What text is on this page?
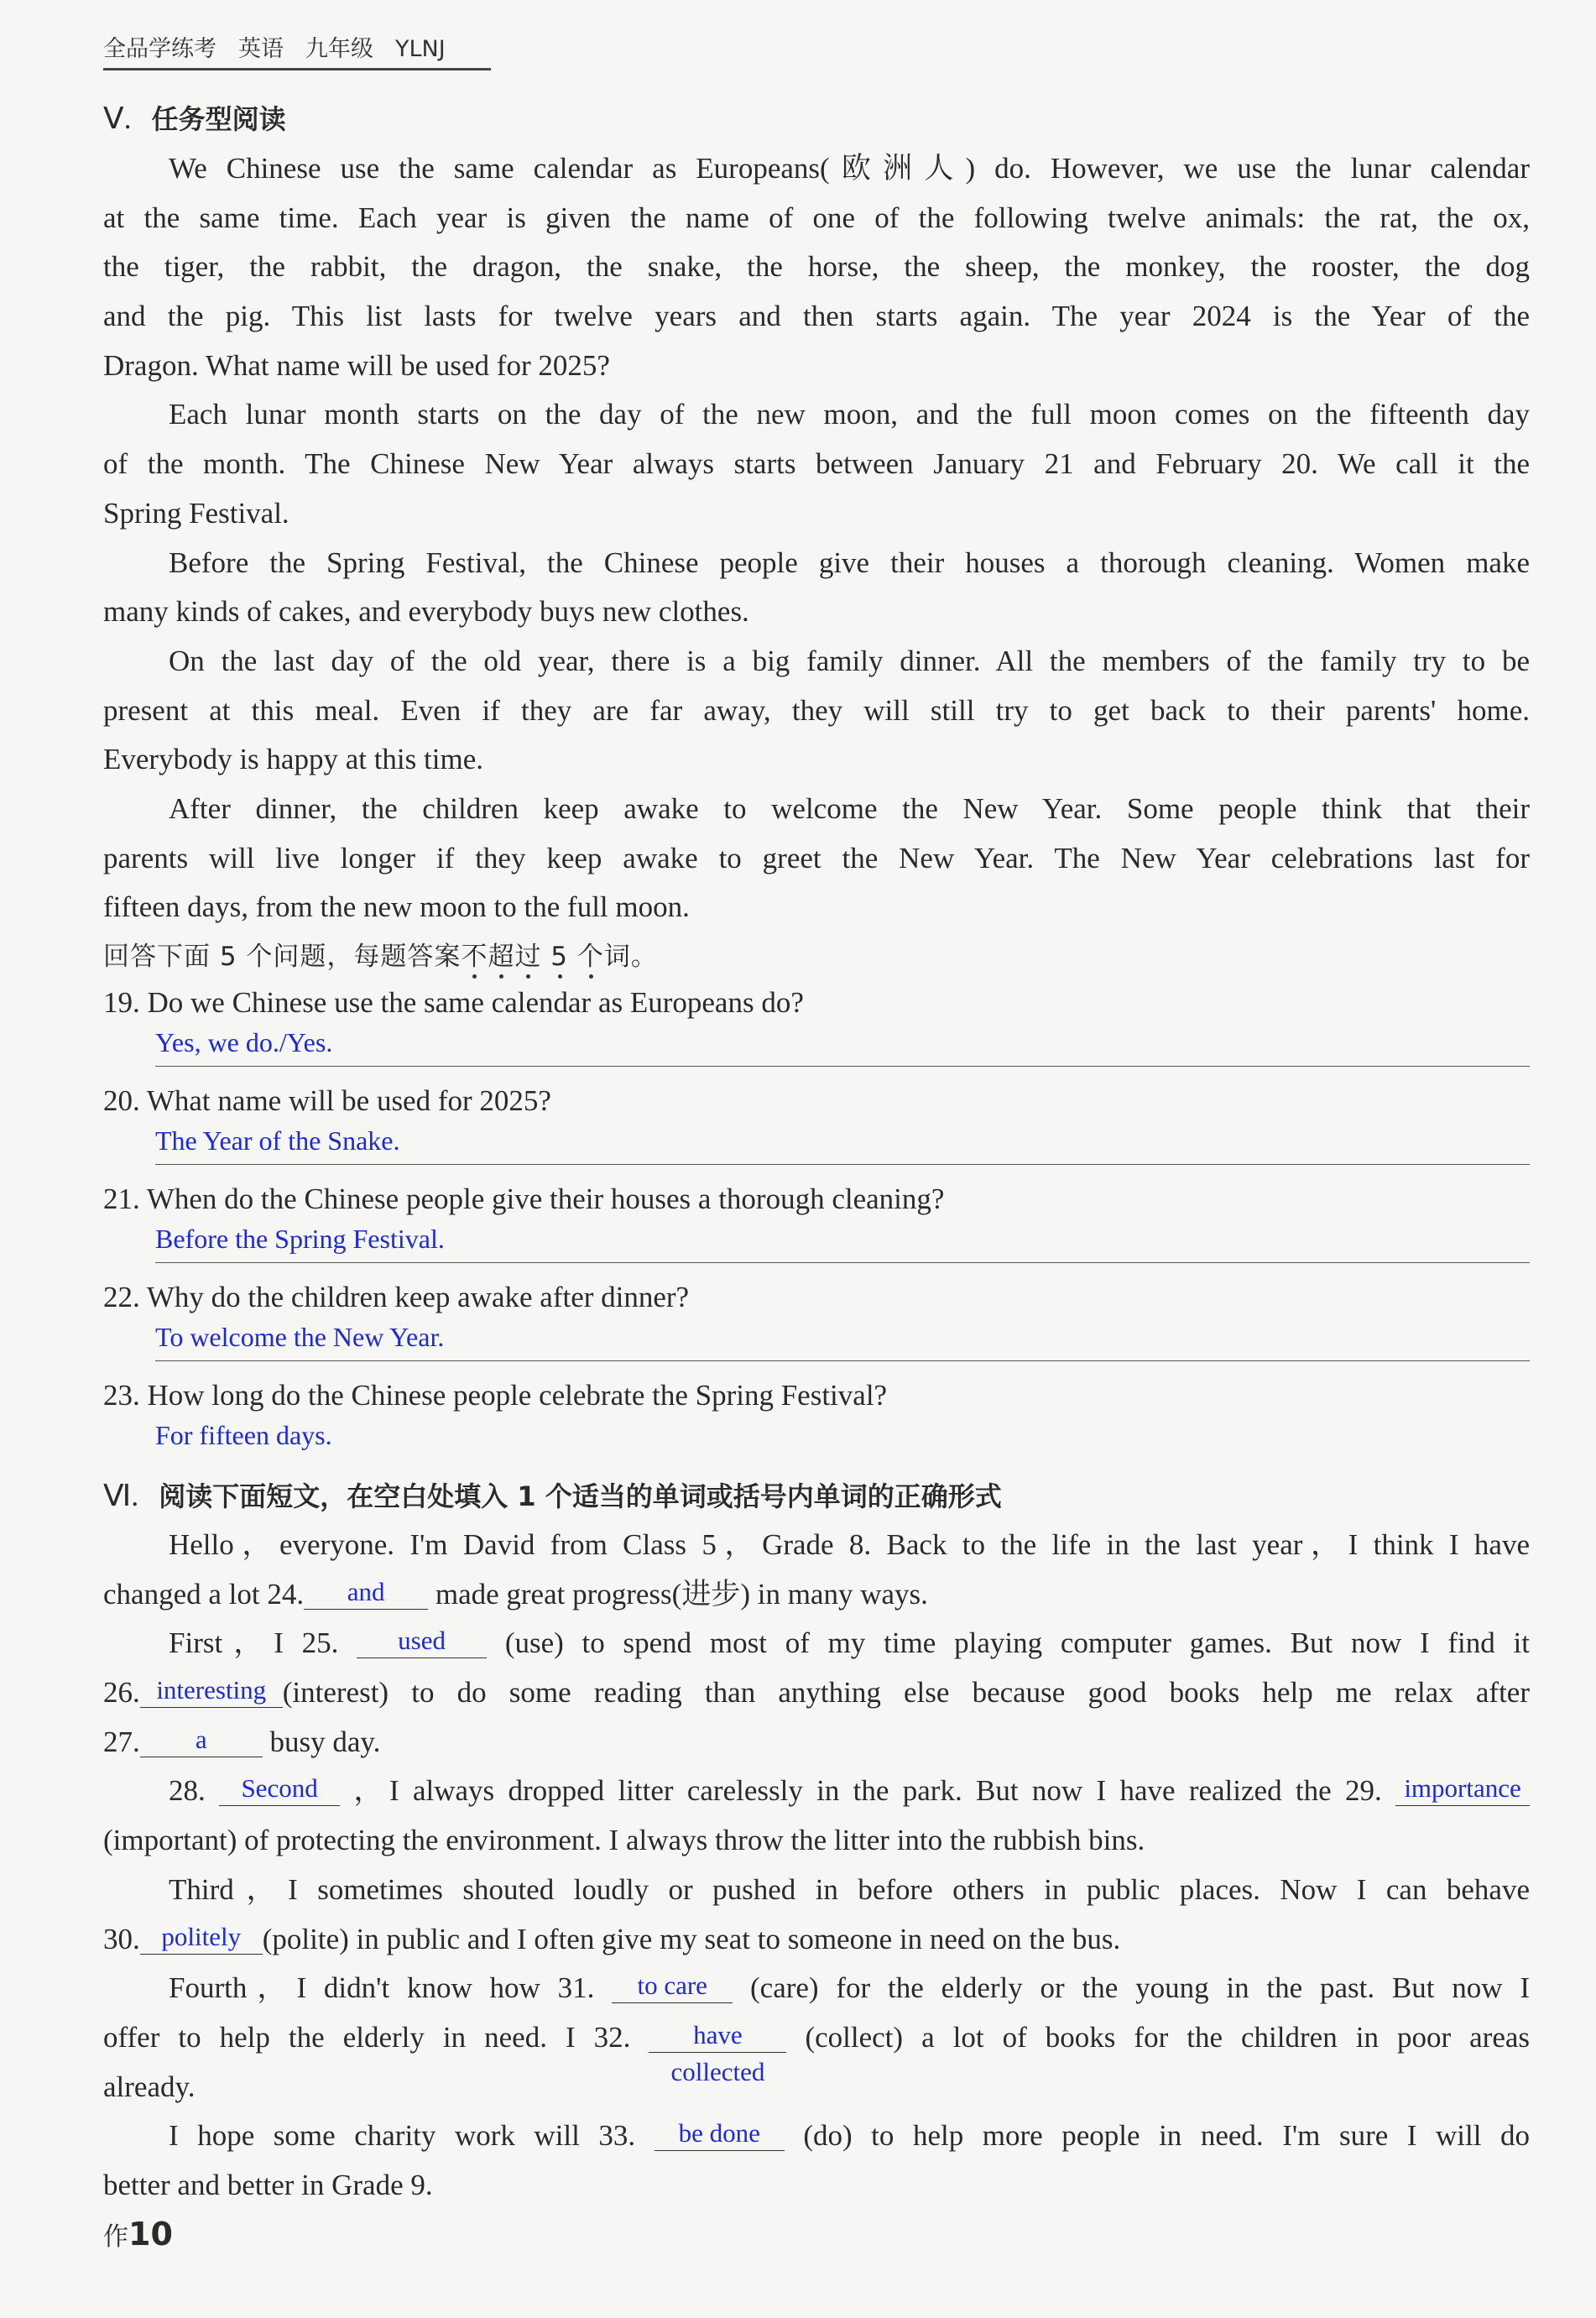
全品学练考 英语 九年级 YLNJ
Ⅴ. 任务型阅读
We Chinese use the same calendar as Europeans(欧洲人) do. However, we use the lunar calendar
at the same time. Each year is given the name of one of the following twelve animals: the rat, the ox,
the tiger, the rabbit, the dragon, the snake, the horse, the sheep, the monkey, the rooster, the dog
and the pig. This list lasts for twelve years and then starts again. The year 2024 is the Year of the
Dragon. What name will be used for 2025?
Each lunar month starts on the day of the new moon, and the full moon comes on the fifteenth day
of the month. The Chinese New Year always starts between January 21 and February 20. We call it the
Spring Festival.
Before the Spring Festival, the Chinese people give their houses a thorough cleaning. Women make
many kinds of cakes, and everybody buys new clothes.
On the last day of the old year, there is a big family dinner. All the members of the family try to be
present at this meal. Even if they are far away, they will still try to get back to their parents' home.
Everybody is happy at this time.
After dinner, the children keep awake to welcome the New Year. Some people think that their
parents will live longer if they keep awake to greet the New Year. The New Year celebrations last for
fifteen days, from the new moon to the full moon.
回答下面 5 个问题，每题答案不超过 5 个词。
19. Do we Chinese use the same calendar as Europeans do?
Yes, we do./Yes.
20. What name will be used for 2025?
The Year of the Snake.
21. When do the Chinese people give their houses a thorough cleaning?
Before the Spring Festival.
22. Why do the children keep awake after dinner?
To welcome the New Year.
23. How long do the Chinese people celebrate the Spring Festival?
For fifteen days.
Ⅵ. 阅读下面短文，在空白处填入 1 个适当的单词或括号内单词的正确形式
Hello，everyone. I'm David from Class 5，Grade 8. Back to the life in the last year，I think I have
changed a lot 24. and made great progress(进步) in many ways.
First，I 25. used (use) to spend most of my time playing computer games. But now I find it
26. interesting (interest) to do some reading than anything else because good books help me relax after
27. a busy day.
28. Second ，I always dropped litter carelessly in the park. But now I have realized the 29. importance
(important) of protecting the environment. I always throw the litter into the rubbish bins.
Third，I sometimes shouted loudly or pushed in before others in public places. Now I can behave
30. politely (polite) in public and I often give my seat to someone in need on the bus.
Fourth，I didn't know how 31. to care (care) for the elderly or the young in the past. But now I
offer to help the elderly in need. I 32. have
collected
(collect) a lot of books for the children in poor areas
already.
I hope some charity work will 33. be done (do) to help more people in need. I'm sure I will do
better and better in Grade 9.
作10
